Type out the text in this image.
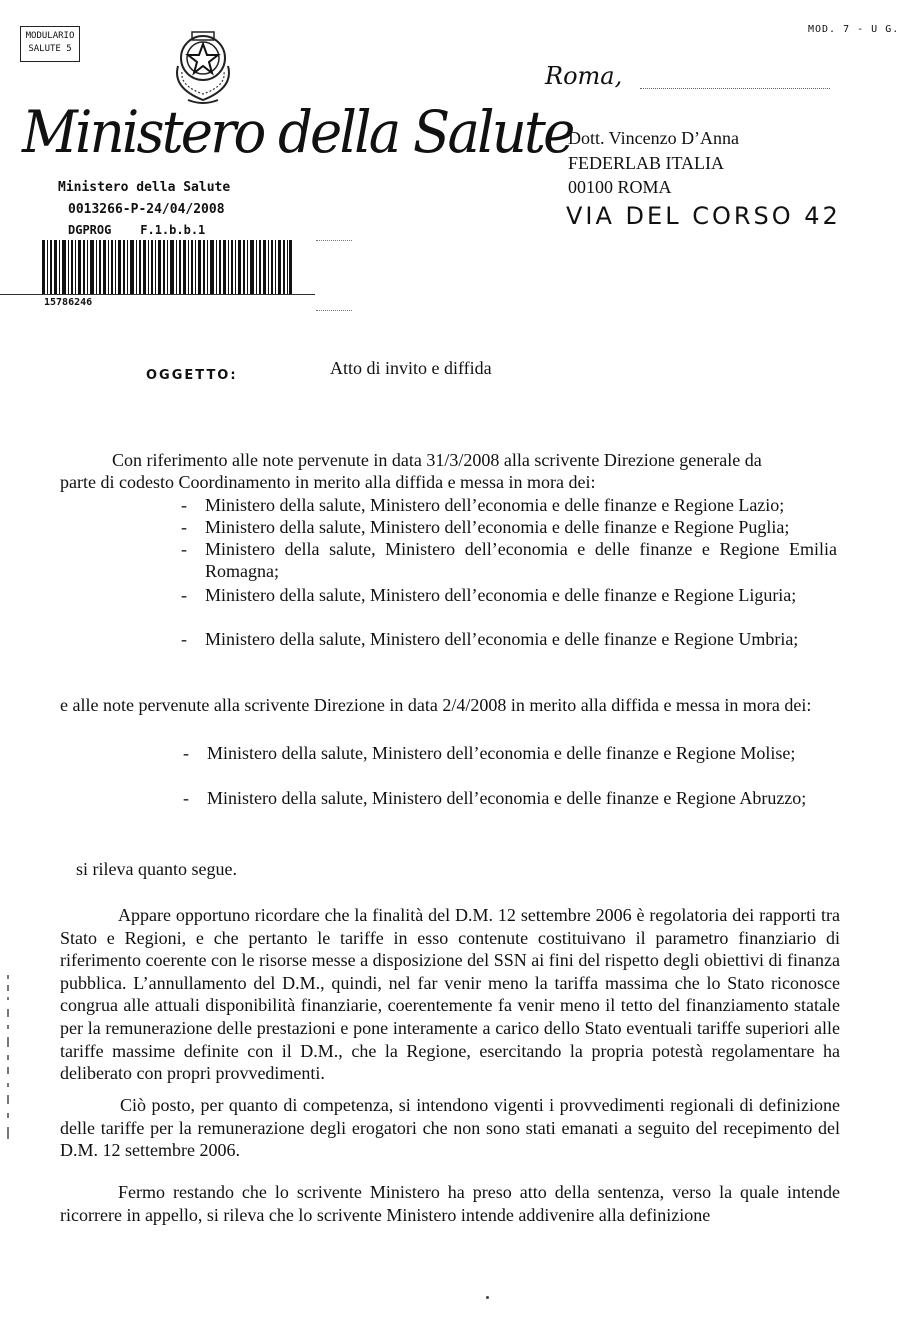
MODULARIO
SALUTE 5
MOD. 7 - U G.
Ministero della Salute
Ministero della Salute
0013266-P-24/04/2008
DGPROG    F.1.b.b.1
15786246
Roma,
Dott. Vincenzo D’Anna
FEDERLAB ITALIA
00100 ROMA
VIA DEL CORSO 42
OGGETTO:	Atto di invito e diffida
Con riferimento alle note pervenute in data 31/3/2008 alla scrivente Direzione generale da
parte di codesto Coordinamento in merito alla diffida e messa in mora dei:
- Ministero della salute, Ministero dell’economia e delle finanze e Regione Lazio;
- Ministero della salute, Ministero dell’economia e delle finanze e Regione Puglia;
- Ministero della salute, Ministero dell’economia e delle finanze e Regione Emilia Romagna;
- Ministero della salute, Ministero dell’economia e delle finanze e Regione Liguria;
- Ministero della salute, Ministero dell’economia e delle finanze e Regione Umbria;
e alle note pervenute alla scrivente Direzione in data 2/4/2008 in merito alla diffida e messa in mora dei:
- Ministero della salute, Ministero dell’economia e delle finanze e Regione Molise;
- Ministero della salute, Ministero dell’economia e delle finanze e Regione Abruzzo;
si rileva quanto segue.
Appare opportuno ricordare che la finalità del D.M. 12 settembre 2006 è regolatoria dei rapporti tra Stato e Regioni, e che pertanto le tariffe in esso contenute costituivano il parametro finanziario di riferimento coerente con le risorse messe a disposizione del SSN ai fini del rispetto degli obiettivi di finanza pubblica. L’annullamento del D.M., quindi, nel far venir meno la tariffa massima che lo Stato riconosce congrua alle attuali disponibilità finanziarie, coerentemente fa venir meno il tetto del finanziamento statale per la remunerazione delle prestazioni e pone interamente a carico dello Stato eventuali tariffe superiori alle tariffe massime definite con il D.M., che la Regione, esercitando la propria potestà regolamentare ha deliberato con propri provvedimenti.
Ciò posto, per quanto di competenza, si intendono vigenti i provvedimenti regionali di definizione delle tariffe per la remunerazione degli erogatori che non sono stati emanati a seguito del recepimento del D.M. 12 settembre 2006.
Fermo restando che lo scrivente Ministero ha preso atto della sentenza, verso la quale intende ricorrere in appello, si rileva che lo scrivente Ministero intende addivenire alla definizione
